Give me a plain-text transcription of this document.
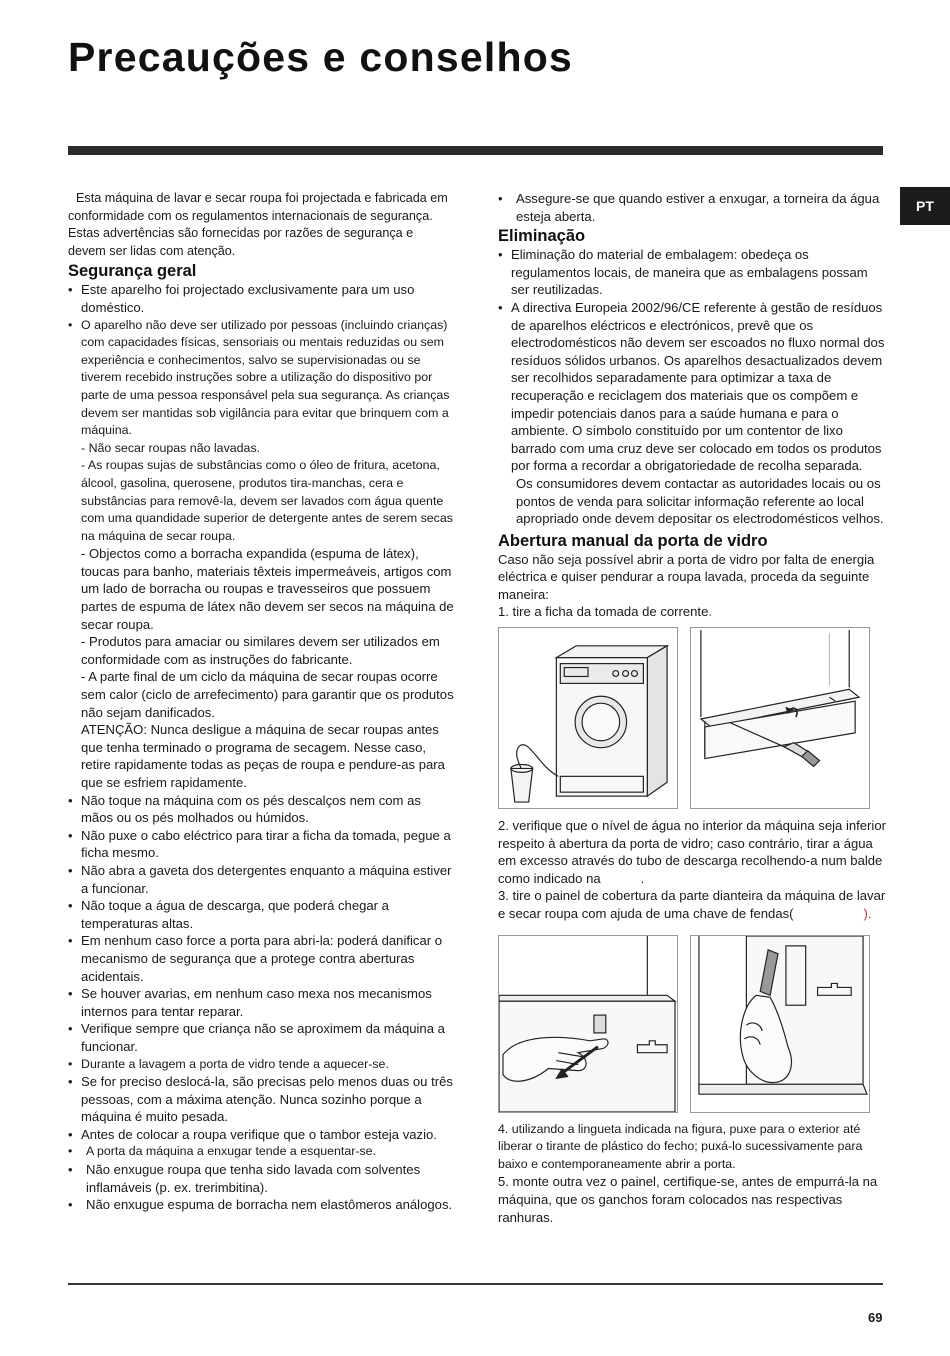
Precauções e conselhos
PT

Esta máquina de lavar e secar roupa foi projectada e fabricada em conformidade com os regulamentos internacionais de segurança. Estas advertências são fornecidas por razões de segurança e devem ser lidas com atenção.

Segurança geral
• Este aparelho foi projectado exclusivamente para um uso doméstico.

• O aparelho não deve ser utilizado por pessoas (incluindo crianças) com capacidades físicas, sensoriais ou mentais reduzidas ou sem experiência e conhecimentos, salvo se supervisionadas ou se tiverem recebido instruções sobre a utilização do dispositivo por parte de uma pessoa responsável pela sua segurança. As crianças devem ser mantidas sob vigilância para evitar que brinquem com a máquina.

- Não secar roupas não lavadas.

- As roupas sujas de substâncias como o óleo de fritura, acetona, álcool, gasolina, querosene, produtos tira-manchas, cera e substâncias para removê-la, devem ser lavados com água quente com uma quandidade superior de detergente antes de serem secas na máquina de secar roupa.

- Objectos como a borracha expandida (espuma de látex), toucas para banho, materiais têxteis impermeáveis, artigos com um lado de borracha ou roupas e travesseiros que possuem partes de espuma de látex não devem ser secos na máquina de secar roupa.

- Produtos para amaciar ou similares devem ser utilizados em conformidade com as instruções do fabricante.

- A parte final de um ciclo da máquina de secar roupas ocorre sem calor (ciclo de arrefecimento) para garantir que os produtos não sejam danificados.

ATENÇÃO: Nunca desligue a máquina de secar roupas antes que tenha terminado o programa de secagem. Nesse caso, retire rapidamente todas as peças de roupa e pendure-as para que se esfriem rapidamente.

• Não toque na máquina com os pés descalços nem com as mãos ou os pés molhados ou húmidos.
• Não puxe o cabo eléctrico para tirar a ficha da tomada, pegue a ficha mesmo.
• Não abra a gaveta dos detergentes enquanto a máquina estiver a funcionar.
• Não toque a água de descarga, que poderá chegar a temperaturas altas.
• Em nenhum caso force a porta para abri-la: poderá danificar o mecanismo de segurança que a protege contra aberturas acidentais.
• Se houver avarias, em nenhum caso mexa nos mecanismos internos para tentar reparar.
• Verifique sempre que criança não se aproximem da máquina a funcionar.
• Durante a lavagem a porta de vidro tende a aquecer-se.
• Se for preciso deslocá-la, são precisas pelo menos duas ou três pessoas, com a máxima atenção. Nunca sozinho porque a máquina é muito pesada.
• Antes de colocar a roupa verifique que o tambor esteja vazio.
• A porta da máquina a enxugar tende a esquentar-se.
• Não enxugue roupa que tenha sido lavada com solventes inflamáveis (p. ex. trerimbitina).
• Não enxugue espuma de borracha nem elastômeros análogos.
• Assegure-se que quando estiver a enxugar, a torneira da água esteja aberta.
Eliminação
• Eliminação do material de embalagem: obedeça os regulamentos locais, de maneira que as embalagens possam ser reutilizadas.

• A directiva Europeia 2002/96/CE referente à gestão de resíduos de aparelhos eléctricos e electrónicos, prevê que os electrodomésticos não devem ser escoados no fluxo normal dos resíduos sólidos urbanos. Os aparelhos desactualizados devem ser recolhidos separadamente para optimizar a taxa de recuperação e reciclagem dos materiais que os compõem e impedir potenciais danos para a saúde humana e para o ambiente. O símbolo constituído por um contentor de lixo barrado com uma cruz deve ser colocado em todos os produtos por forma a recordar a obrigatoriedade de recolha separada.

Os consumidores devem contactar as autoridades locais ou os pontos de venda para solicitar informação referente ao local apropriado onde devem depositar os electrodomésticos velhos.

Abertura manual da porta de vidro

Caso não seja possível abrir a porta de vidro por falta de energia eléctrica e quiser pendurar a roupa lavada, proceda da seguinte maneira:

1. tire a ficha da tomada de corrente.

2. verifique que o nível de água no interior da máquina seja inferior respeito à abertura da porta de vidro; caso contrário, tirar a água em excesso através do tubo de descarga recolhendo-a num balde como indicado na	.

3. tire o painel de cobertura da parte dianteira da máquina de lavar e secar roupa com ajuda de uma chave de fendas(	).

4. utilizando a lingueta indicada na figura, puxe para o exterior até liberar o tirante de plástico do fecho; puxá-lo sucessivamente para baixo e contemporaneamente abrir a porta.

5. monte outra vez o painel, certifique-se, antes de empurrá-la na máquina, que os ganchos foram colocados nas respectivas ranhuras.

69
